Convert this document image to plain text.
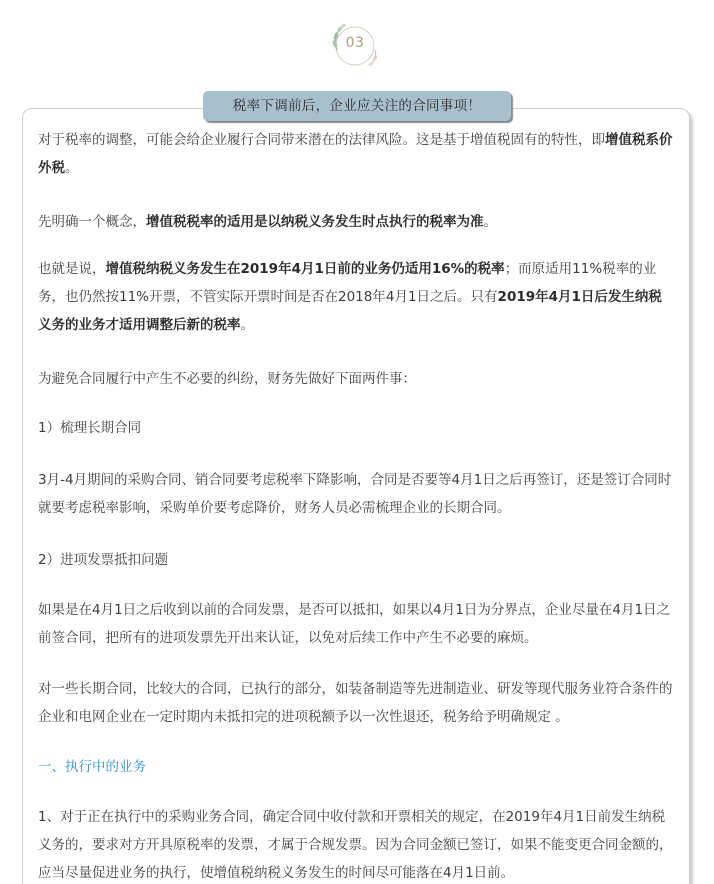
03
税率下调前后，企业应关注的合同事项！

对于税率的调整，可能会给企业履行合同带来潜在的法律风险。这是基于增值税固有的特性，即增值税系价外税。

先明确一个概念，增值税税率的适用是以纳税义务发生时点执行的税率为准。

也就是说，增值税纳税义务发生在2019年4月1日前的业务仍适用16%的税率；而原适用11%税率的业务，也仍然按11%开票，不管实际开票时间是否在2018年4月1日之后。只有2019年4月1日后发生纳税义务的业务才适用调整后新的税率。

为避免合同履行中产生不必要的纠纷，财务先做好下面两件事：

1）梳理长期合同

3月-4月期间的采购合同、销合同要考虑税率下降影响，合同是否要等4月1日之后再签订，还是签订合同时就要考虑税率影响，采购单价要考虑降价，财务人员必需梳理企业的长期合同。

2）进项发票抵扣问题

如果是在4月1日之后收到以前的合同发票，是否可以抵扣，如果以4月1日为分界点，企业尽量在4月1日之前签合同，把所有的进项发票先开出来认证，以免对后续工作中产生不必要的麻烦。

对一些长期合同，比较大的合同，已执行的部分，如装备制造等先进制造业、研发等现代服务业符合条件的企业和电网企业在一定时期内未抵扣完的进项税额予以一次性退还，税务给予明确规定 。

一、执行中的业务

1、对于正在执行中的采购业务合同，确定合同中收付款和开票相关的规定，在2019年4月1日前发生纳税义务的，要求对方开具原税率的发票，才属于合规发票。因为合同金额已签订，如果不能变更合同金额的，应当尽量促进业务的执行，使增值税纳税义务发生的时间尽可能落在4月1日前。
